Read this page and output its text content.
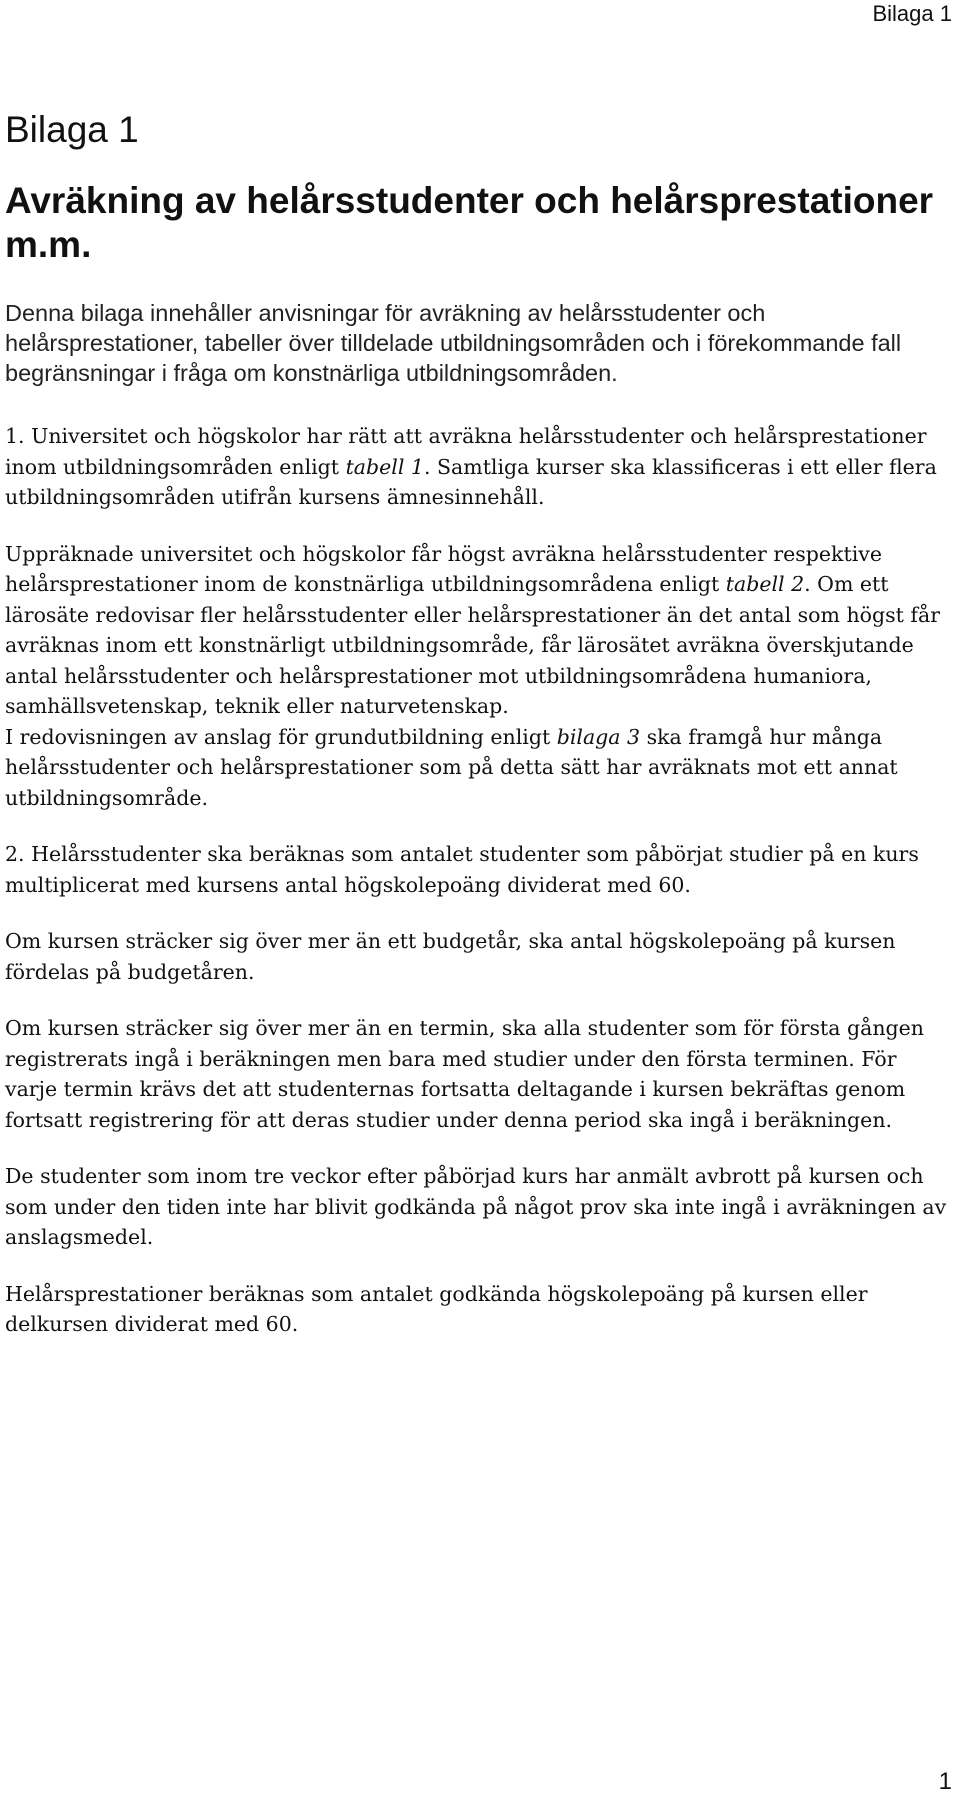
Bilaga 1
Bilaga 1
Avräkning av helårsstudenter och helårsprestationer m.m.

Denna bilaga innehåller anvisningar för avräkning av helårsstudenter och helårsprestationer, tabeller över tilldelade utbildningsområden och i förekommande fall begränsningar i fråga om konstnärliga utbildningsområden.

1. Universitet och högskolor har rätt att avräkna helårsstudenter och helårsprestationer inom utbildningsområden enligt tabell 1. Samtliga kurser ska klassificeras i ett eller flera utbildningsområden utifrån kursens ämnesinnehåll.

Uppräknade universitet och högskolor får högst avräkna helårsstudenter respektive helårsprestationer inom de konstnärliga utbildningsområdena enligt tabell 2. Om ett lärosäte redovisar fler helårsstudenter eller helårsprestationer än det antal som högst får avräknas inom ett konstnärligt utbildningsområde, får lärosätet avräkna överskjutande antal helårsstudenter och helårsprestationer mot utbildningsområdena humaniora, samhällsvetenskap, teknik eller naturvetenskap.

I redovisningen av anslag för grundutbildning enligt bilaga 3 ska framgå hur många helårsstudenter och helårsprestationer som på detta sätt har avräknats mot ett annat utbildningsområde.

2. Helårsstudenter ska beräknas som antalet studenter som påbörjat studier på en kurs multiplicerat med kursens antal högskolepoäng dividerat med 60.

Om kursen sträcker sig över mer än ett budgetår, ska antal högskolepoäng på kursen fördelas på budgetåren.

Om kursen sträcker sig över mer än en termin, ska alla studenter som för första gången registrerats ingå i beräkningen men bara med studier under den första terminen. För varje termin krävs det att studenternas fortsatta deltagande i kursen bekräftas genom fortsatt registrering för att deras studier under denna period ska ingå i beräkningen.

De studenter som inom tre veckor efter påbörjad kurs har anmält avbrott på kursen och som under den tiden inte har blivit godkända på något prov ska inte ingå i avräkningen av anslagsmedel.

Helårsprestationer beräknas som antalet godkända högskolepoäng på kursen eller delkursen dividerat med 60.

1
